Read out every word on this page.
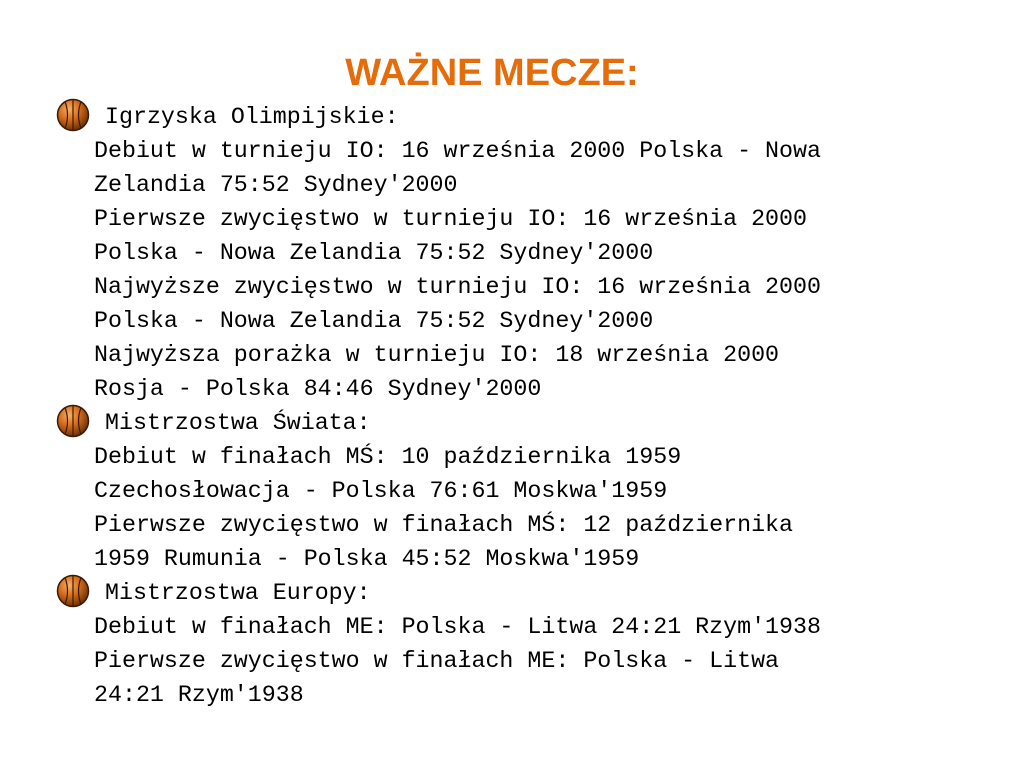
WAŻNE MECZE:
Igrzyska Olimpijskie:
Debiut w turnieju IO: 16 września 2000 Polska - Nowa
Zelandia 75:52 Sydney'2000
Pierwsze zwycięstwo w turnieju IO: 16 września 2000
Polska - Nowa Zelandia 75:52 Sydney'2000
Najwyższe zwycięstwo w turnieju IO: 16 września 2000
Polska - Nowa Zelandia 75:52 Sydney'2000
Najwyższa porażka w turnieju IO: 18 września 2000
Rosja - Polska 84:46 Sydney'2000
Mistrzostwa Świata:
Debiut w finałach MŚ: 10 października 1959
Czechosłowacja - Polska 76:61 Moskwa'1959
Pierwsze zwycięstwo w finałach MŚ: 12 października
1959 Rumunia - Polska 45:52 Moskwa'1959
Mistrzostwa Europy:
Debiut w finałach ME: Polska - Litwa 24:21 Rzym'1938
Pierwsze zwycięstwo w finałach ME: Polska - Litwa
24:21 Rzym'1938
